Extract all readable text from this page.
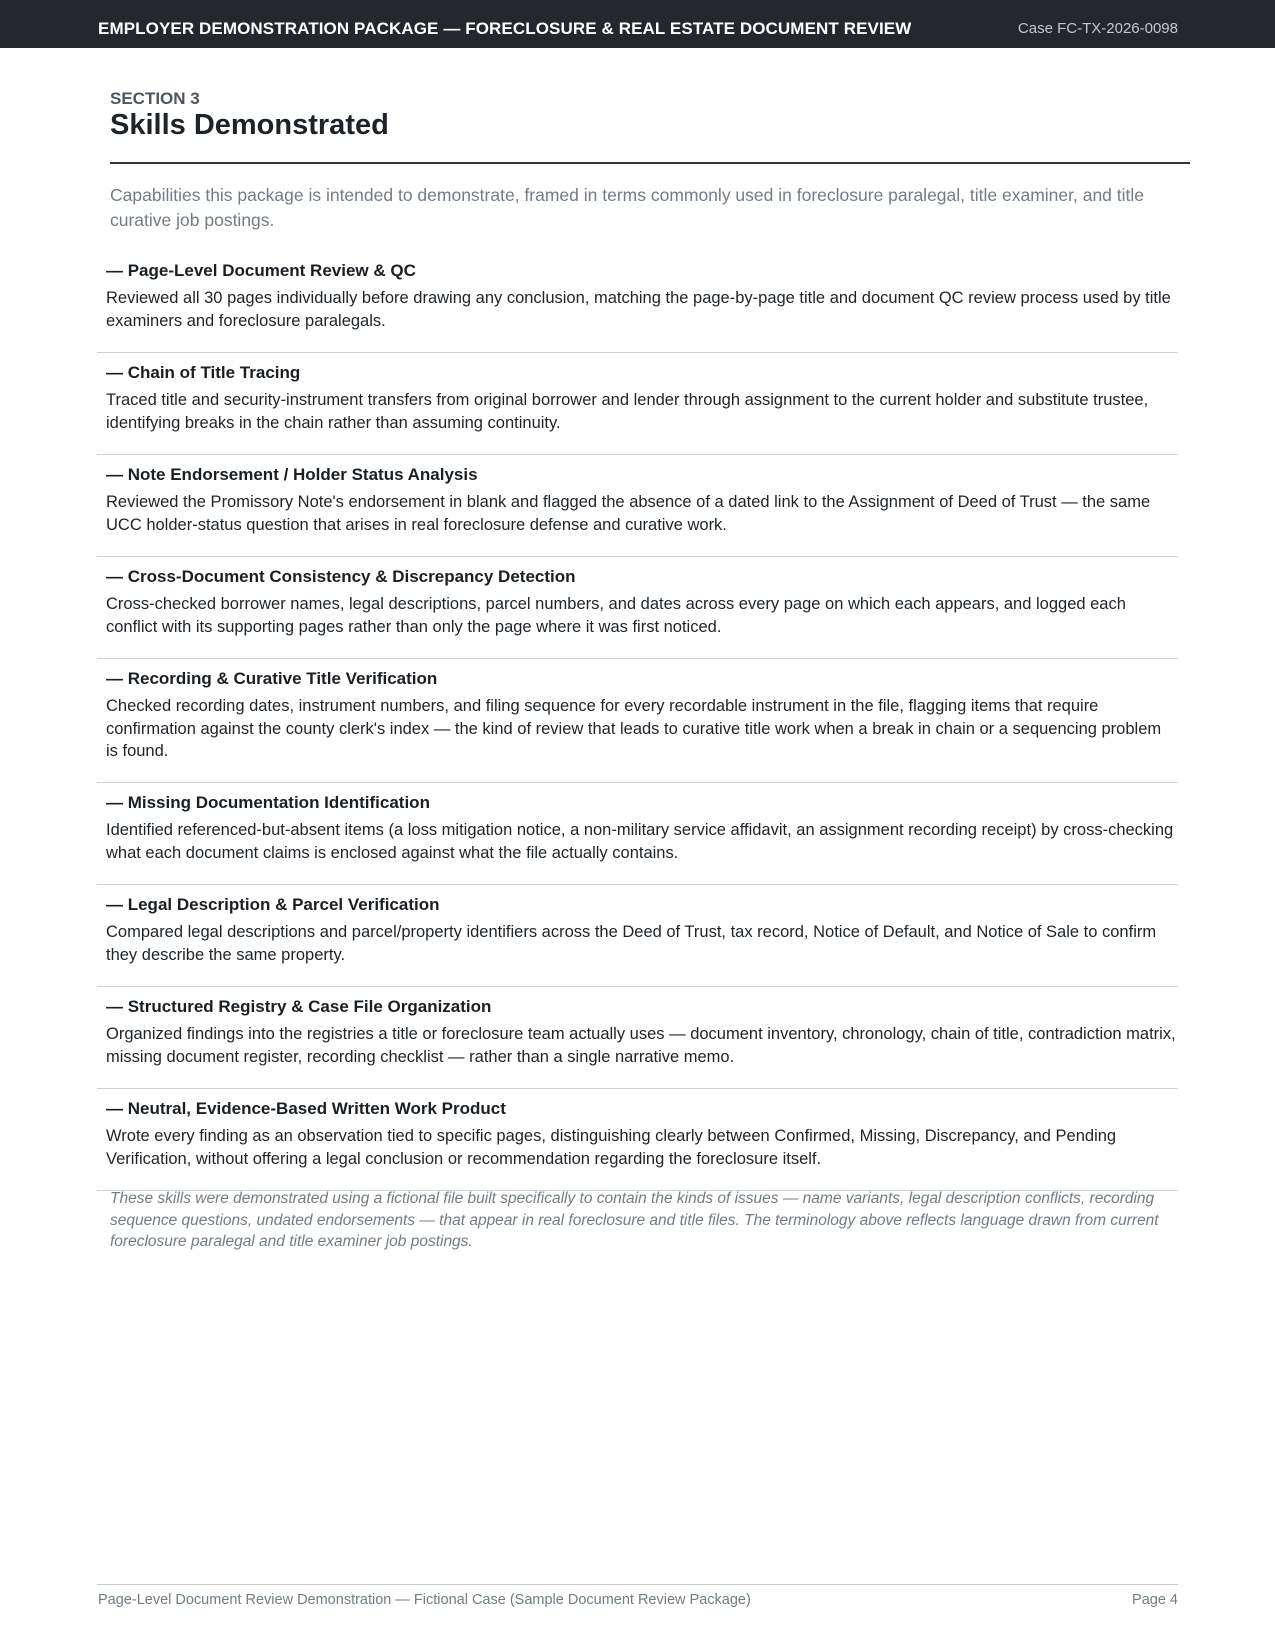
EMPLOYER DEMONSTRATION PACKAGE — FORECLOSURE & REAL ESTATE DOCUMENT REVIEW	Case FC-TX-2026-0098
SECTION 3
Skills Demonstrated
Capabilities this package is intended to demonstrate, framed in terms commonly used in foreclosure paralegal, title examiner, and title curative job postings.
— Page-Level Document Review & QC
Reviewed all 30 pages individually before drawing any conclusion, matching the page-by-page title and document QC review process used by title examiners and foreclosure paralegals.
— Chain of Title Tracing
Traced title and security-instrument transfers from original borrower and lender through assignment to the current holder and substitute trustee, identifying breaks in the chain rather than assuming continuity.
— Note Endorsement / Holder Status Analysis
Reviewed the Promissory Note's endorsement in blank and flagged the absence of a dated link to the Assignment of Deed of Trust — the same UCC holder-status question that arises in real foreclosure defense and curative work.
— Cross-Document Consistency & Discrepancy Detection
Cross-checked borrower names, legal descriptions, parcel numbers, and dates across every page on which each appears, and logged each conflict with its supporting pages rather than only the page where it was first noticed.
— Recording & Curative Title Verification
Checked recording dates, instrument numbers, and filing sequence for every recordable instrument in the file, flagging items that require confirmation against the county clerk's index — the kind of review that leads to curative title work when a break in chain or a sequencing problem is found.
— Missing Documentation Identification
Identified referenced-but-absent items (a loss mitigation notice, a non-military service affidavit, an assignment recording receipt) by cross-checking what each document claims is enclosed against what the file actually contains.
— Legal Description & Parcel Verification
Compared legal descriptions and parcel/property identifiers across the Deed of Trust, tax record, Notice of Default, and Notice of Sale to confirm they describe the same property.
— Structured Registry & Case File Organization
Organized findings into the registries a title or foreclosure team actually uses — document inventory, chronology, chain of title, contradiction matrix, missing document register, recording checklist — rather than a single narrative memo.
— Neutral, Evidence-Based Written Work Product
Wrote every finding as an observation tied to specific pages, distinguishing clearly between Confirmed, Missing, Discrepancy, and Pending Verification, without offering a legal conclusion or recommendation regarding the foreclosure itself.
These skills were demonstrated using a fictional file built specifically to contain the kinds of issues — name variants, legal description conflicts, recording sequence questions, undated endorsements — that appear in real foreclosure and title files. The terminology above reflects language drawn from current foreclosure paralegal and title examiner job postings.
Page-Level Document Review Demonstration — Fictional Case (Sample Document Review Package)	Page 4
